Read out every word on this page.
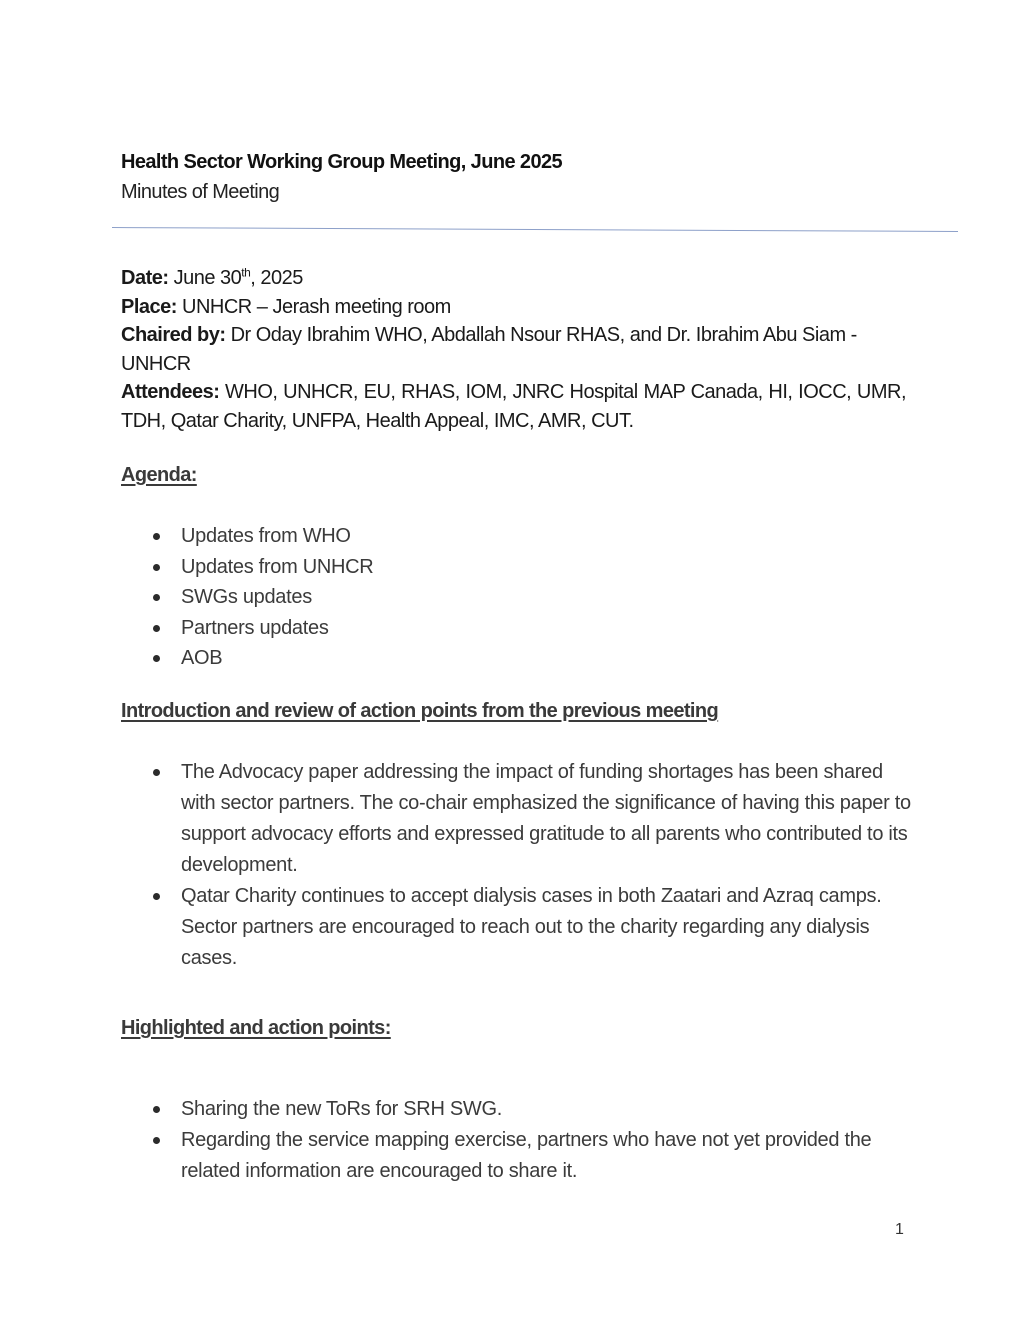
Health Sector Working Group Meeting, June 2025
Minutes of Meeting
Date: June 30th, 2025
Place: UNHCR – Jerash meeting room
Chaired by: Dr Oday Ibrahim WHO, Abdallah Nsour RHAS, and Dr. Ibrahim Abu Siam -UNHCR
Attendees: WHO, UNHCR, EU, RHAS, IOM, JNRC Hospital MAP Canada, HI, IOCC, UMR, TDH, Qatar Charity, UNFPA, Health Appeal, IMC, AMR, CUT.
Agenda:
Updates from WHO
Updates from UNHCR
SWGs updates
Partners updates
AOB
Introduction and review of action points from the previous meeting
The Advocacy paper addressing the impact of funding shortages has been shared with sector partners. The co-chair emphasized the significance of having this paper to support advocacy efforts and expressed gratitude to all parents who contributed to its development.
Qatar Charity continues to accept dialysis cases in both Zaatari and Azraq camps. Sector partners are encouraged to reach out to the charity regarding any dialysis cases.
Highlighted and action points:
Sharing the new ToRs for SRH SWG.
Regarding the service mapping exercise, partners who have not yet provided the related information are encouraged to share it.
1
